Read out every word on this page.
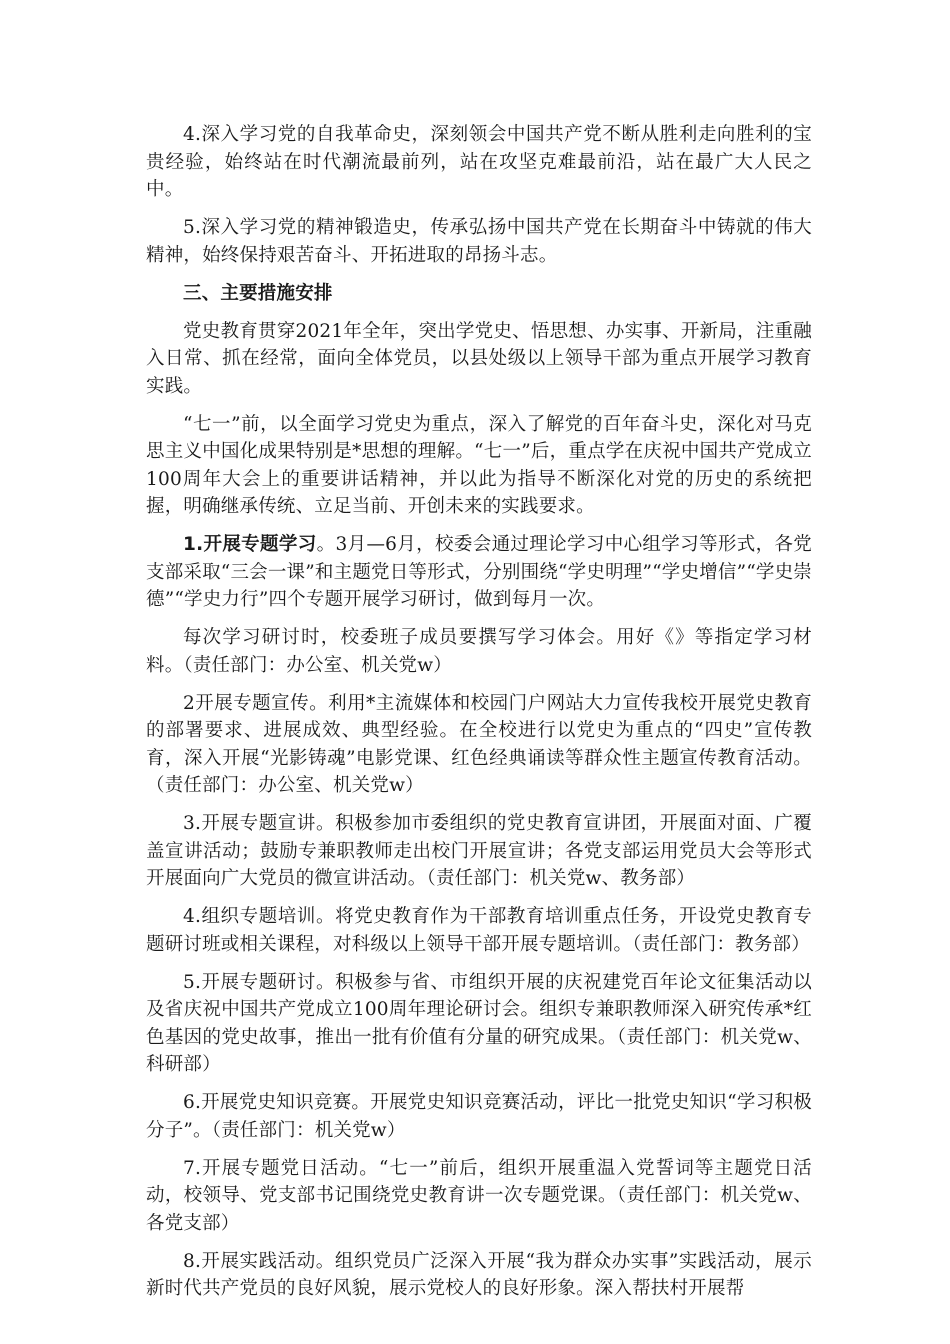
4.深入学习党的自我革命史，深刻领会中国共产党不断从胜利走向胜利的宝贵经验，始终站在时代潮流最前列，站在攻坚克难最前沿，站在最广大人民之中。

5.深入学习党的精神锻造史，传承弘扬中国共产党在长期奋斗中铸就的伟大精神，始终保持艰苦奋斗、开拓进取的昂扬斗志。

三、主要措施安排

党史教育贯穿2021年全年，突出学党史、悟思想、办实事、开新局，注重融入日常、抓在经常，面向全体党员，以县处级以上领导干部为重点开展学习教育实践。

“七一”前，以全面学习党史为重点，深入了解党的百年奋斗史，深化对马克思主义中国化成果特别是*思想的理解。“七一”后，重点学在庆祝中国共产党成立100周年大会上的重要讲话精神，并以此为指导不断深化对党的历史的系统把握，明确继承传统、立足当前、开创未来的实践要求。

1.开展专题学习。3月—6月，校委会通过理论学习中心组学习等形式，各党支部采取“三会一课”和主题党日等形式，分别围绕“学史明理”“学史增信”“学史崇德”“学史力行”四个专题开展学习研讨，做到每月一次。

每次学习研讨时，校委班子成员要撰写学习体会。用好《》等指定学习材料。（责任部门：办公室、机关党w）

2开展专题宣传。利用*主流媒体和校园门户网站大力宣传我校开展党史教育的部署要求、进展成效、典型经验。在全校进行以党史为重点的“四史”宣传教育，深入开展“光影铸魂”电影党课、红色经典诵读等群众性主题宣传教育活动。（责任部门：办公室、机关党w）

3.开展专题宣讲。积极参加市委组织的党史教育宣讲团，开展面对面、广覆盖宣讲活动；鼓励专兼职教师走出校门开展宣讲；各党支部运用党员大会等形式开展面向广大党员的微宣讲活动。（责任部门：机关党w、教务部）

4.组织专题培训。将党史教育作为干部教育培训重点任务，开设党史教育专题研讨班或相关课程，对科级以上领导干部开展专题培训。（责任部门：教务部）

5.开展专题研讨。积极参与省、市组织开展的庆祝建党百年论文征集活动以及省庆祝中国共产党成立100周年理论研讨会。组织专兼职教师深入研究传承*红色基因的党史故事，推出一批有价值有分量的研究成果。（责任部门：机关党w、科研部）

6.开展党史知识竞赛。开展党史知识竞赛活动，评比一批党史知识“学习积极分子”。（责任部门：机关党w）

7.开展专题党日活动。“七一”前后，组织开展重温入党誓词等主题党日活动，校领导、党支部书记围绕党史教育讲一次专题党课。（责任部门：机关党w、各党支部）

8.开展实践活动。组织党员广泛深入开展“我为群众办实事”实践活动，展示新时代共产党员的良好风貌，展示党校人的良好形象。深入帮扶村开展帮
